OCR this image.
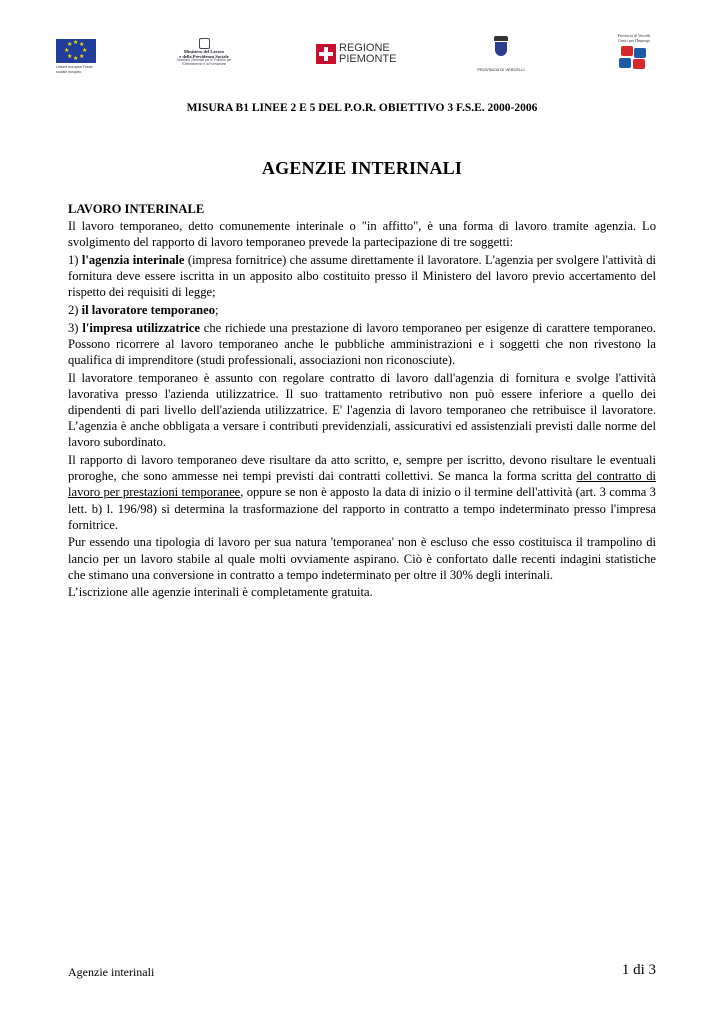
★ ★
★
★
★
★
★
★
Unione europea Fondo sociale europeo
Ministero del Lavoro
e della Previdenza Sociale
Direzione Generale per le Politiche per l'Orientamento e la Formazione
REGIONE
PIEMONTE
PROVINCIA DI VERCELLI
Provincia di Vercelli
Centri per l'Impiego
MISURA B1 LINEE 2 E 5 DEL P.O.R. OBIETTIVO 3 F.S.E. 2000-2006
AGENZIE INTERINALI

LAVORO INTERINALE

Il lavoro temporaneo, detto comunemente interinale o "in affitto", è una forma di lavoro tramite agenzia. Lo svolgimento del rapporto di lavoro temporaneo prevede la partecipazione di tre soggetti:

1) l'agenzia interinale (impresa fornitrice) che assume direttamente il lavoratore. L'agenzia per svolgere l'attività di fornitura deve essere iscritta in un apposito albo costituito presso il Ministero del lavoro previo accertamento del rispetto dei requisiti di legge;

2) il lavoratore temporaneo;

3) l'impresa utilizzatrice che richiede una prestazione di lavoro temporaneo per esigenze di carattere temporaneo. Possono ricorrere al lavoro temporaneo anche le pubbliche amministrazioni e i soggetti che non rivestono la qualifica di imprenditore (studi professionali, associazioni non riconosciute).

Il lavoratore temporaneo è assunto con regolare contratto di lavoro dall'agenzia di fornitura e svolge l'attività lavorativa presso l'azienda utilizzatrice. Il suo trattamento retributivo non può essere inferiore a quello dei dipendenti di pari livello dell'azienda utilizzatrice. E' l'agenzia di lavoro temporaneo che retribuisce il lavoratore. L’agenzia è anche obbligata a versare i contributi previdenziali, assicurativi ed assistenziali previsti dalle norme del lavoro subordinato.

Il rapporto di lavoro temporaneo deve risultare da atto scritto, e, sempre per iscritto, devono risultare le eventuali proroghe, che sono ammesse nei tempi previsti dai contratti collettivi. Se manca la forma scritta del contratto di lavoro per prestazioni temporanee, oppure se non è apposto la data di inizio o il termine dell'attività (art. 3 comma 3 lett. b) l. 196/98) si determina la trasformazione del rapporto in contratto a tempo indeterminato presso l'impresa fornitrice.

Pur essendo una tipologia di lavoro per sua natura 'temporanea' non è escluso che esso costituisca il trampolino di lancio per un lavoro stabile al quale molti ovviamente aspirano. Ciò è confortato dalle recenti indagini statistiche che stimano una conversione in contratto a tempo indeterminato per oltre il 30% degli interinali.

L’iscrizione alle agenzie interinali è completamente gratuita.

Agenzie interinali	1 di 3
